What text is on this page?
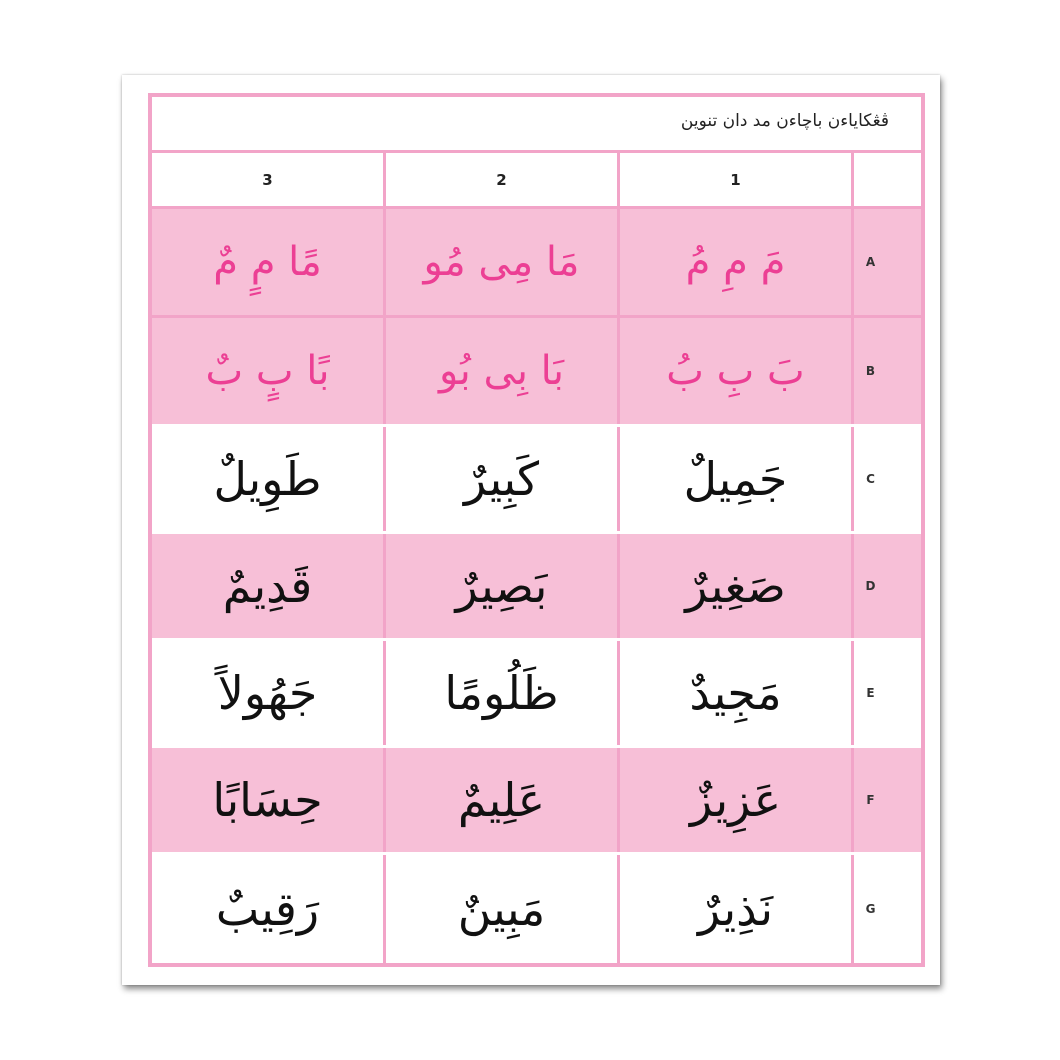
ڤڠكاياءن باچاءن مد دان تنوين
3	2	1
مًا مٍ مٌ	مَا مِى مُو	مَ مِ مُ	A
بًا بٍ بٌ	بَا بِى بُو	بَ بِ بُ	B
طَوِيلٌ	كَبِيرٌ	جَمِيلٌ	C
قَدِيمٌ	بَصِيرٌ	صَغِيرٌ	D
جَهُولاً	ظَلُومًا	مَجِيدٌ	E
حِسَابًا	عَلِيمٌ	عَزِيزٌ	F
رَقِيبٌ	مَبِينٌ	نَذِيرٌ	G
